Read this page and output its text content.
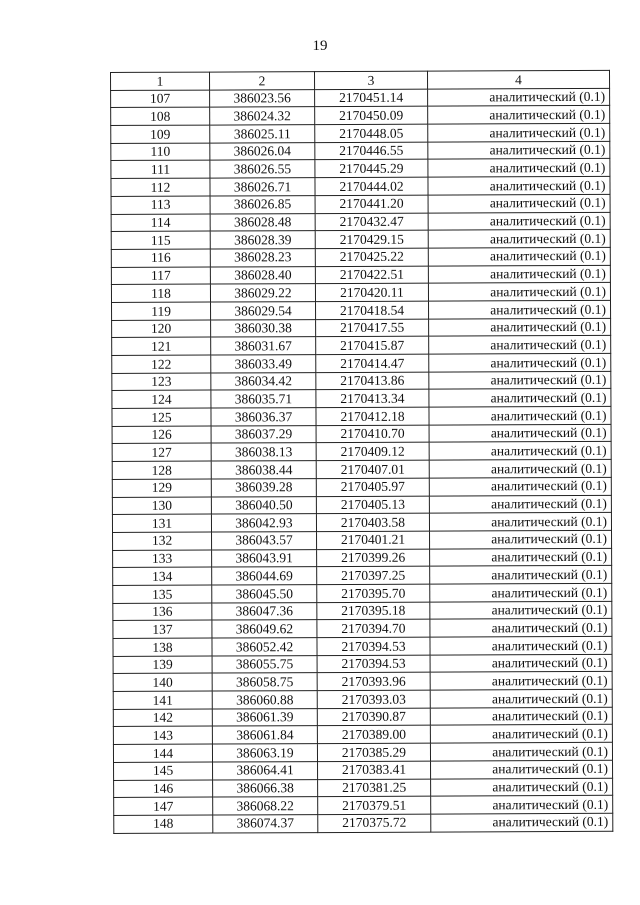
19
1	2	3	4
107	386023.56	2170451.14	аналитический (0.1)
108	386024.32	2170450.09	аналитический (0.1)
109	386025.11	2170448.05	аналитический (0.1)
110	386026.04	2170446.55	аналитический (0.1)
111	386026.55	2170445.29	аналитический (0.1)
112	386026.71	2170444.02	аналитический (0.1)
113	386026.85	2170441.20	аналитический (0.1)
114	386028.48	2170432.47	аналитический (0.1)
115	386028.39	2170429.15	аналитический (0.1)
116	386028.23	2170425.22	аналитический (0.1)
117	386028.40	2170422.51	аналитический (0.1)
118	386029.22	2170420.11	аналитический (0.1)
119	386029.54	2170418.54	аналитический (0.1)
120	386030.38	2170417.55	аналитический (0.1)
121	386031.67	2170415.87	аналитический (0.1)
122	386033.49	2170414.47	аналитический (0.1)
123	386034.42	2170413.86	аналитический (0.1)
124	386035.71	2170413.34	аналитический (0.1)
125	386036.37	2170412.18	аналитический (0.1)
126	386037.29	2170410.70	аналитический (0.1)
127	386038.13	2170409.12	аналитический (0.1)
128	386038.44	2170407.01	аналитический (0.1)
129	386039.28	2170405.97	аналитический (0.1)
130	386040.50	2170405.13	аналитический (0.1)
131	386042.93	2170403.58	аналитический (0.1)
132	386043.57	2170401.21	аналитический (0.1)
133	386043.91	2170399.26	аналитический (0.1)
134	386044.69	2170397.25	аналитический (0.1)
135	386045.50	2170395.70	аналитический (0.1)
136	386047.36	2170395.18	аналитический (0.1)
137	386049.62	2170394.70	аналитический (0.1)
138	386052.42	2170394.53	аналитический (0.1)
139	386055.75	2170394.53	аналитический (0.1)
140	386058.75	2170393.96	аналитический (0.1)
141	386060.88	2170393.03	аналитический (0.1)
142	386061.39	2170390.87	аналитический (0.1)
143	386061.84	2170389.00	аналитический (0.1)
144	386063.19	2170385.29	аналитический (0.1)
145	386064.41	2170383.41	аналитический (0.1)
146	386066.38	2170381.25	аналитический (0.1)
147	386068.22	2170379.51	аналитический (0.1)
148	386074.37	2170375.72	аналитический (0.1)
